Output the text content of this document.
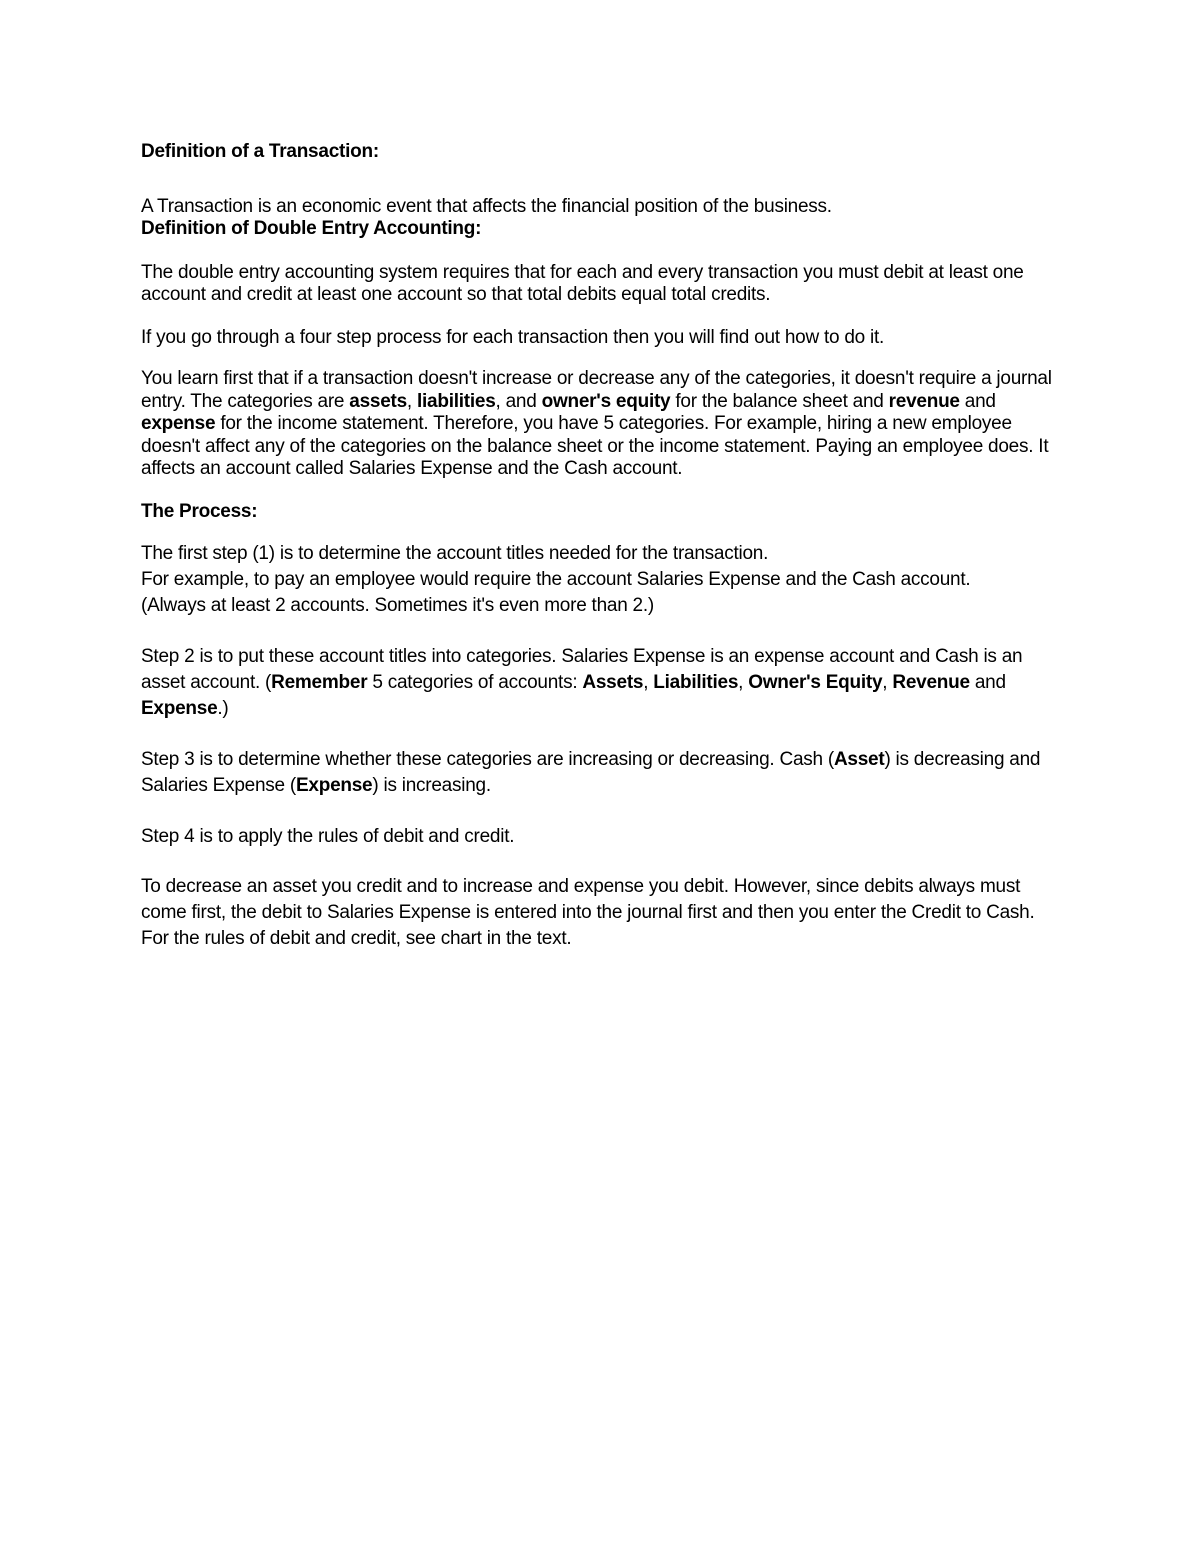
Definition of a Transaction:

A Transaction is an economic event that affects the financial position of the business.

Definition of Double Entry Accounting:

The double entry accounting system requires that for each and every transaction you must debit at least one account and credit at least one account so that total debits equal total credits.

If you go through a four step process for each transaction then you will find out how to do it.

You learn first that if a transaction doesn't increase or decrease any of the categories, it doesn't require a journal entry. The categories are assets, liabilities, and owner's equity for the balance sheet and revenue and expense for the income statement. Therefore, you have 5 categories. For example, hiring a new employee doesn't affect any of the categories on the balance sheet or the income statement. Paying an employee does. It affects an account called Salaries Expense and the Cash account.

The Process:

The first step (1) is to determine the account titles needed for the transaction.
For example, to pay an employee would require the account Salaries Expense and the Cash account.
(Always at least 2 accounts. Sometimes it's even more than 2.)

Step 2 is to put these account titles into categories. Salaries Expense is an expense account and Cash is an asset account. (Remember 5 categories of accounts: Assets, Liabilities, Owner's Equity, Revenue and Expense.)

Step 3 is to determine whether these categories are increasing or decreasing. Cash (Asset) is decreasing and Salaries Expense (Expense) is increasing.

Step 4 is to apply the rules of debit and credit.

To decrease an asset you credit and to increase and expense you debit. However, since debits always must come first, the debit to Salaries Expense is entered into the journal first and then you enter the Credit to Cash. For the rules of debit and credit, see chart in the text.
